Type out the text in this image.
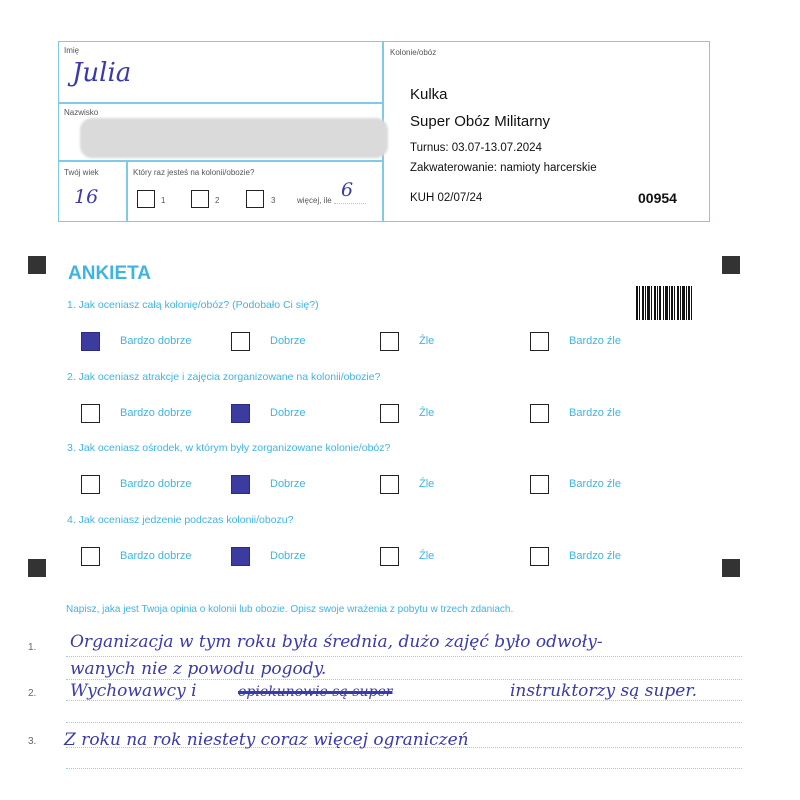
Imię
Julia
Nazwisko
Twój wiek
16
Który raz jesteś na kolonii/obozie?
1	2	3	więcej, ile 6
Kolonie/obóz
Kulka
Super Obóz Militarny
Turnus: 03.07-13.07.2024
Zakwaterowanie: namioty harcerskie
KUH 02/07/24	00954
ANKIETA
1. Jak oceniasz całą kolonię/obóz? (Podobało Ci się?)
Bardzo dobrze	Dobrze	Źle	Bardzo źle
2. Jak oceniasz atrakcje i zajęcia zorganizowane na kolonii/obozie?
Bardzo dobrze	Dobrze	Źle	Bardzo źle
3. Jak oceniasz ośrodek, w którym były zorganizowane kolonie/obóz?
Bardzo dobrze	Dobrze	Źle	Bardzo źle
4. Jak oceniasz jedzenie podczas kolonii/obozu?
Bardzo dobrze	Dobrze	Źle	Bardzo źle
Napisz, jaka jest Twoja opinia o kolonii lub obozie. Opisz swoje wrażenia z pobytu w trzech zdaniach.
1.
2.
3.
Organizacja w tym roku była średnia, dużo zajęć było odwoły-
wanych nie z powodu pogody.
Wychowawcy i	opiekunowie są super	instruktorzy są super.
Z roku na rok niestety coraz więcej ograniczeń
